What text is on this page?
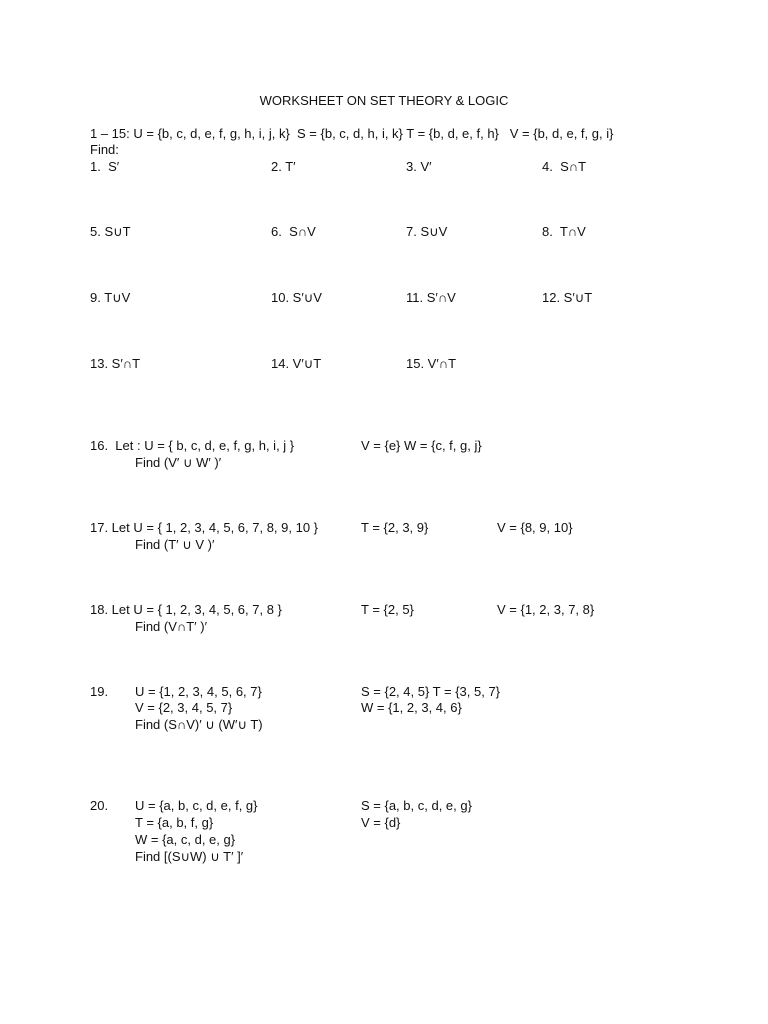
WORKSHEET ON SET THEORY & LOGIC
1 – 15: U = {b, c, d, e, f, g, h, i, j, k}  S = {b, c, d, h, i, k} T = {b, d, e, f, h}   V = {b, d, e, f, g, i}
Find:
1.  S′	2. T′	3. V′	4.  S∩T
5. S∪T	6.  S∩V	7. S∪V	8.  T∩V
9. T∪V	10. S′∪V	11. S′∩V	12. S′∪T
13. S′∩T	14. V′∪T	15. V′∩T
16.  Let : U = { b, c, d, e, f, g, h, i, j }	V = {e} W = {c, f, g, j}
Find (V′ ∪ W′ )′
17. Let U = { 1, 2, 3, 4, 5, 6, 7, 8, 9, 10 }	T = {2, 3, 9}	V = {8, 9, 10}
Find (T′ ∪ V )′
18. Let U = { 1, 2, 3, 4, 5, 6, 7, 8 }	T = {2, 5}	V = {1, 2, 3, 7, 8}
Find (V∩T′ )′
19. U = {1, 2, 3, 4, 5, 6, 7}	S = {2, 4, 5} T = {3, 5, 7}
V = {2, 3, 4, 5, 7}	W = {1, 2, 3, 4, 6}
Find (S∩V)′ ∪ (W′∪ T)
20. U = {a, b, c, d, e, f, g}	S = {a, b, c, d, e, g}
T = {a, b, f, g}	V = {d}
W = {a, c, d, e, g}
Find [(S∪W) ∪ T′ ]′
